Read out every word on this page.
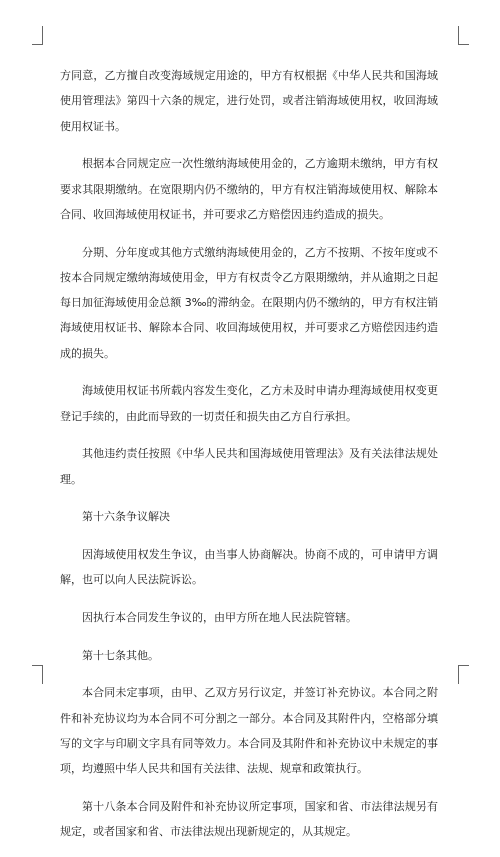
方同意，乙方擅自改变海域规定用途的，甲方有权根据《中华人民共和国海域使用管理法》第四十六条的规定，进行处罚，或者注销海域使用权，收回海域使用权证书。

根据本合同规定应一次性缴纳海域使用金的，乙方逾期未缴纳，甲方有权要求其限期缴纳。在宽限期内仍不缴纳的，甲方有权注销海域使用权、解除本合同、收回海域使用权证书，并可要求乙方赔偿因违约造成的损失。

分期、分年度或其他方式缴纳海域使用金的，乙方不按期、不按年度或不按本合同规定缴纳海域使用金，甲方有权责令乙方限期缴纳，并从逾期之日起每日加征海域使用金总额 3‰的滞纳金。在限期内仍不缴纳的，甲方有权注销海域使用权证书、解除本合同、收回海域使用权，并可要求乙方赔偿因违约造成的损失。

海域使用权证书所载内容发生变化，乙方未及时申请办理海域使用权变更登记手续的，由此而导致的一切责任和损失由乙方自行承担。

其他违约责任按照《中华人民共和国海域使用管理法》及有关法律法规处理。

第十六条争议解决

因海域使用权发生争议，由当事人协商解决。协商不成的，可申请甲方调解，也可以向人民法院诉讼。

因执行本合同发生争议的，由甲方所在地人民法院管辖。

第十七条其他。

本合同未定事项，由甲、乙双方另行议定，并签订补充协议。本合同之附件和补充协议均为本合同不可分割之一部分。本合同及其附件内，空格部分填写的文字与印刷文字具有同等效力。本合同及其附件和补充协议中未规定的事项，均遵照中华人民共和国有关法律、法规、规章和政策执行。

第十八条本合同及附件和补充协议所定事项，国家和省、市法律法规另有规定，或者国家和省、市法律法规出现新规定的，从其规定。
